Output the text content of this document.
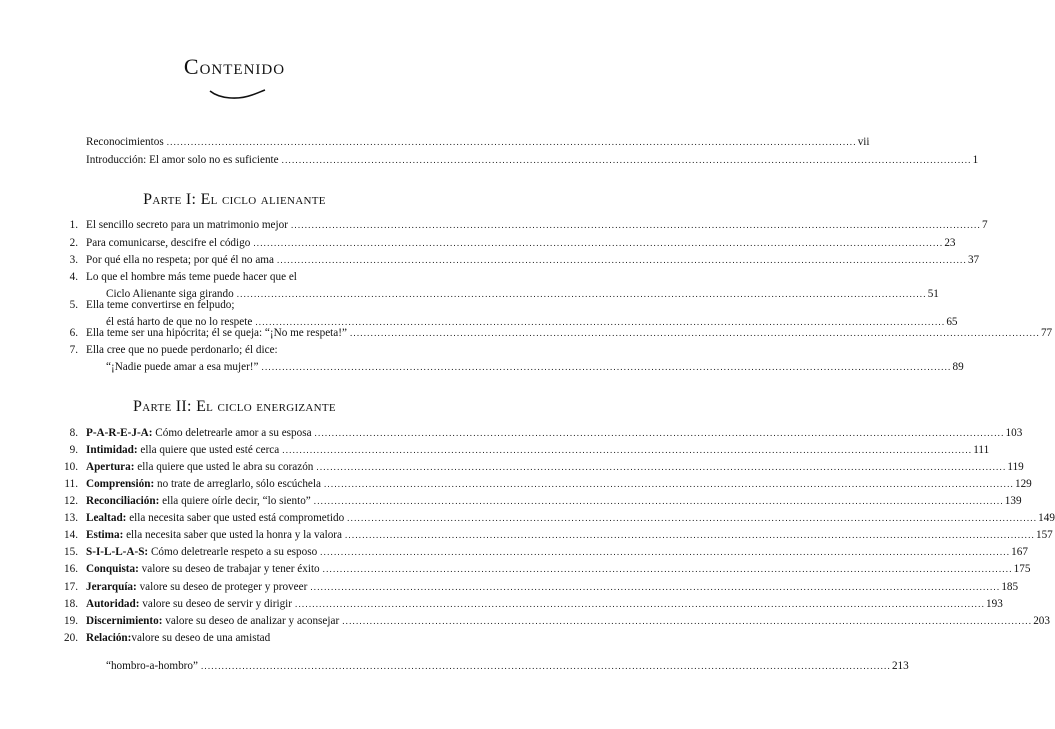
Contenido
Reconocimientos ........................................................................................................................................................................................................ vii
Introducción: El amor solo no es suficiente ........................................................................................................................................................................................................ 1
Parte I: El ciclo alienante
1. El sencillo secreto para un matrimonio mejor ........................................................................................................................................................................................................ 7
2. Para comunicarse, descifre el código ........................................................................................................................................................................................................ 23
3. Por qué ella no respeta; por qué él no ama ........................................................................................................................................................................................................ 37
4. Lo que el hombre más teme puede hacer que el
Ciclo Alienante siga girando ........................................................................................................................................................................................................ 51
5. Ella teme convertirse en felpudo;
él está harto de que no lo respete ........................................................................................................................................................................................................ 65
6. Ella teme ser una hipócrita; él se queja: “¡No me respeta!” ........................................................................................................................................................................................................ 77
7. Ella cree que no puede perdonarlo; él dice:
“¡Nadie puede amar a esa mujer!” ........................................................................................................................................................................................................ 89
Parte II: El ciclo energizante
8. P-A-R-E-J-A: Cómo deletrearle amor a su esposa ........................................................................................................................................................................................................ 103
9. Intimidad: ella quiere que usted esté cerca ........................................................................................................................................................................................................ 111
10. Apertura: ella quiere que usted le abra su corazón ........................................................................................................................................................................................................ 119
11. Comprensión: no trate de arreglarlo, sólo escúchela ........................................................................................................................................................................................................ 129
12. Reconciliación: ella quiere oírle decir, “lo siento” ........................................................................................................................................................................................................ 139
13. Lealtad: ella necesita saber que usted está comprometido ........................................................................................................................................................................................................ 149
14. Estima: ella necesita saber que usted la honra y la valora ........................................................................................................................................................................................................ 157
15. S-I-L-L-A-S: Cómo deletrearle respeto a su esposo ........................................................................................................................................................................................................ 167
16. Conquista: valore su deseo de trabajar y tener éxito ........................................................................................................................................................................................................ 175
17. Jerarquía: valore su deseo de proteger y proveer ........................................................................................................................................................................................................ 185
18. Autoridad: valore su deseo de servir y dirigir ........................................................................................................................................................................................................ 193
19. Discernimiento: valore su deseo de analizar y aconsejar ........................................................................................................................................................................................................ 203
20. Relación: valore su deseo de una amistad
“hombro-a-hombro” ........................................................................................................................................................................................................ 213
